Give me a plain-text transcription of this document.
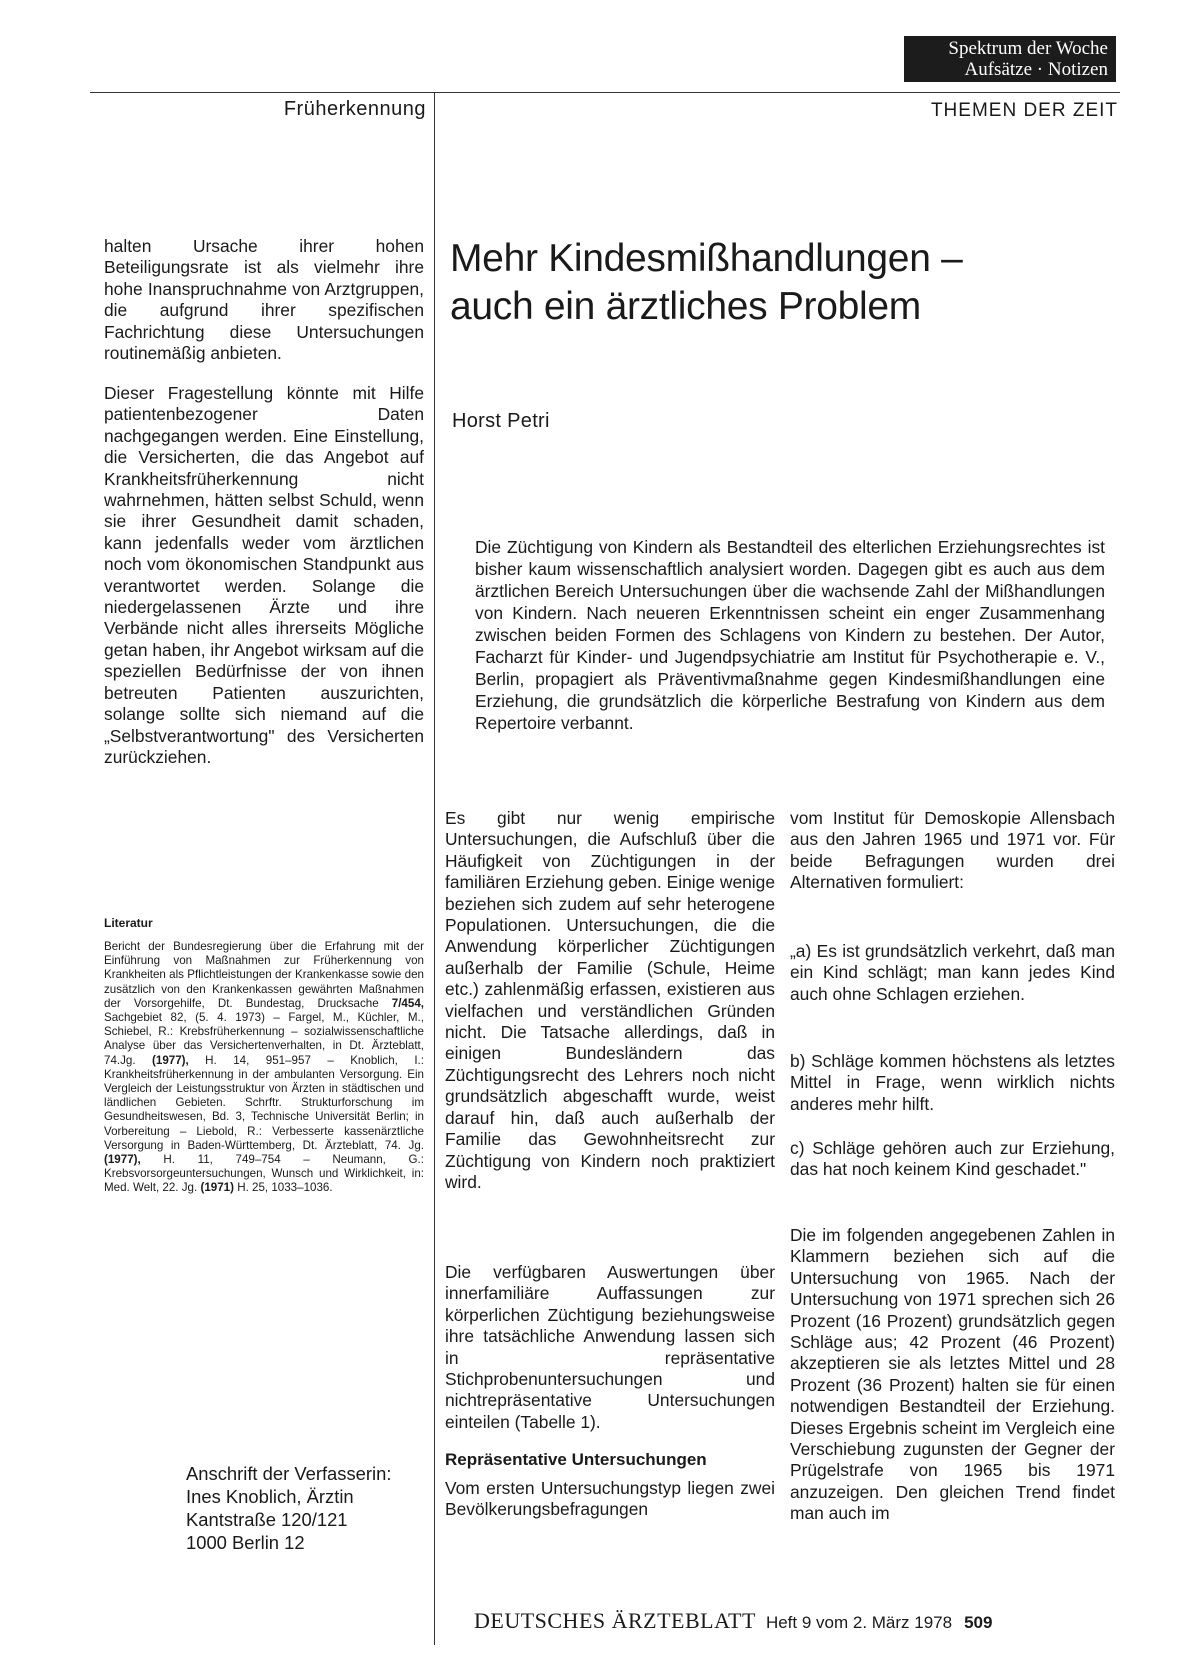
Spektrum der Woche
Aufsätze · Notizen
Früherkennung	THEMEN DER ZEIT

halten Ursache ihrer hohen Beteiligungsrate ist als vielmehr ihre hohe Inanspruchnahme von Arztgruppen, die aufgrund ihrer spezifischen Fachrichtung diese Untersuchungen routinemäßig anbieten.

Dieser Fragestellung könnte mit Hilfe patientenbezogener Daten nachgegangen werden. Eine Einstellung, die Versicherten, die das Angebot auf Krankheitsfrüherkennung nicht wahrnehmen, hätten selbst Schuld, wenn sie ihrer Gesundheit damit schaden, kann jedenfalls weder vom ärztlichen noch vom ökonomischen Standpunkt aus verantwortet werden. Solange die niedergelassenen Ärzte und ihre Verbände nicht alles ihrerseits Mögliche getan haben, ihr Angebot wirksam auf die speziellen Bedürfnisse der von ihnen betreuten Patienten auszurichten, solange sollte sich niemand auf die „Selbstverantwortung" des Versicherten zurückziehen.

Literatur
Bericht der Bundesregierung über die Erfahrung mit der Einführung von Maßnahmen zur Früherkennung von Krankheiten als Pflichtleistungen der Krankenkasse sowie den zusätzlich von den Krankenkassen gewährten Maßnahmen der Vorsorgehilfe, Dt. Bundestag, Drucksache 7/454, Sachgebiet 82, (5. 4. 1973) – Fargel, M., Küchler, M., Schiebel, R.: Krebsfrüherkennung – sozialwissenschaftliche Analyse über das Versichertenverhalten, in Dt. Ärzteblatt, 74.Jg. (1977), H. 14, 951–957 – Knoblich, I.: Krankheitsfrüherkennung in der ambulanten Versorgung. Ein Vergleich der Leistungsstruktur von Ärzten in städtischen und ländlichen Gebieten. Schrftr. Strukturforschung im Gesundheitswesen, Bd. 3, Technische Universität Berlin; in Vorbereitung – Liebold, R.: Verbesserte kassenärztliche Versorgung in Baden-Württemberg, Dt. Ärzteblatt, 74. Jg. (1977), H. 11, 749–754 – Neumann, G.: Krebsvorsorgeuntersuchungen, Wunsch und Wirklichkeit, in: Med. Welt, 22. Jg. (1971) H. 25, 1033–1036.
Anschrift der Verfasserin:
Ines Knoblich, Ärztin
Kantstraße 120/121
1000 Berlin 12
Mehr Kindesmißhandlungen –
auch ein ärztliches Problem
Horst Petri

Die Züchtigung von Kindern als Bestandteil des elterlichen Erziehungsrechtes ist bisher kaum wissenschaftlich analysiert worden. Dagegen gibt es auch aus dem ärztlichen Bereich Untersuchungen über die wachsende Zahl der Mißhandlungen von Kindern. Nach neueren Erkenntnissen scheint ein enger Zusammenhang zwischen beiden Formen des Schlagens von Kindern zu bestehen. Der Autor, Facharzt für Kinder- und Jugendpsychiatrie am Institut für Psychotherapie e. V., Berlin, propagiert als Präventivmaßnahme gegen Kindesmißhandlungen eine Erziehung, die grundsätzlich die körperliche Bestrafung von Kindern aus dem Repertoire verbannt.

Es gibt nur wenig empirische Untersuchungen, die Aufschluß über die Häufigkeit von Züchtigungen in der familiären Erziehung geben. Einige wenige beziehen sich zudem auf sehr heterogene Populationen. Untersuchungen, die die Anwendung körperlicher Züchtigungen außerhalb der Familie (Schule, Heime etc.) zahlenmäßig erfassen, existieren aus vielfachen und verständlichen Gründen nicht. Die Tatsache allerdings, daß in einigen Bundesländern das Züchtigungsrecht des Lehrers noch nicht grundsätzlich abgeschafft wurde, weist darauf hin, daß auch außerhalb der Familie das Gewohnheitsrecht zur Züchtigung von Kindern noch praktiziert wird.

Die verfügbaren Auswertungen über innerfamiliäre Auffassungen zur körperlichen Züchtigung beziehungsweise ihre tatsächliche Anwendung lassen sich in repräsentative Stichprobenuntersuchungen und nichtrepräsentative Untersuchungen einteilen (Tabelle 1).

Repräsentative Untersuchungen

Vom ersten Untersuchungstyp liegen zwei Bevölkerungsbefragungen

vom Institut für Demoskopie Allensbach aus den Jahren 1965 und 1971 vor. Für beide Befragungen wurden drei Alternativen formuliert:

„a) Es ist grundsätzlich verkehrt, daß man ein Kind schlägt; man kann jedes Kind auch ohne Schlagen erziehen.

b) Schläge kommen höchstens als letztes Mittel in Frage, wenn wirklich nichts anderes mehr hilft.

c) Schläge gehören auch zur Erziehung, das hat noch keinem Kind geschadet."

Die im folgenden angegebenen Zahlen in Klammern beziehen sich auf die Untersuchung von 1965. Nach der Untersuchung von 1971 sprechen sich 26 Prozent (16 Prozent) grundsätzlich gegen Schläge aus; 42 Prozent (46 Prozent) akzeptieren sie als letztes Mittel und 28 Prozent (36 Prozent) halten sie für einen notwendigen Bestandteil der Erziehung. Dieses Ergebnis scheint im Vergleich eine Verschiebung zugunsten der Gegner der Prügelstrafe von 1965 bis 1971 anzuzeigen. Den gleichen Trend findet man auch im

DEUTSCHES ÄRZTEBLATT Heft 9 vom 2. März 1978 509
